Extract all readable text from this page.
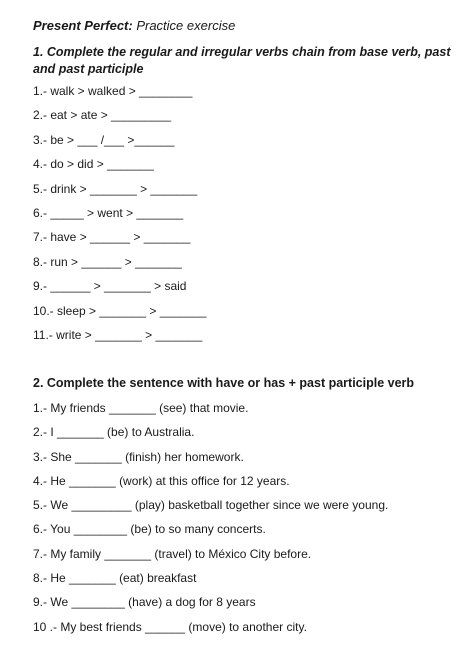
Present Perfect: Practice exercise

1. Complete the regular and irregular verbs chain from base verb, past and past participle

1.- walk > walked > ________
2.- eat > ate > _________
3.- be > ___ /___ >______
4.- do > did > _______
5.- drink > _______ > _______
6.- _____ > went > _______
7.- have > ______ > _______
8.- run > ______ > _______
9.- ______ > _______ > said
10.- sleep > _______ > _______
11.- write > _______ > _______

2. Complete the sentence with have or has + past participle verb

1.- My friends _______ (see) that movie.
2.- I _______ (be) to Australia.
3.- She _______ (finish) her homework.
4.- He _______ (work) at this office for 12 years.
5.- We _________ (play) basketball together since we were young.
6.- You ________ (be) to so many concerts.
7.- My family _______ (travel) to México City before.
8.- He _______ (eat) breakfast
9.- We ________ (have) a dog for 8 years
10 .- My best friends ______ (move) to another city.
